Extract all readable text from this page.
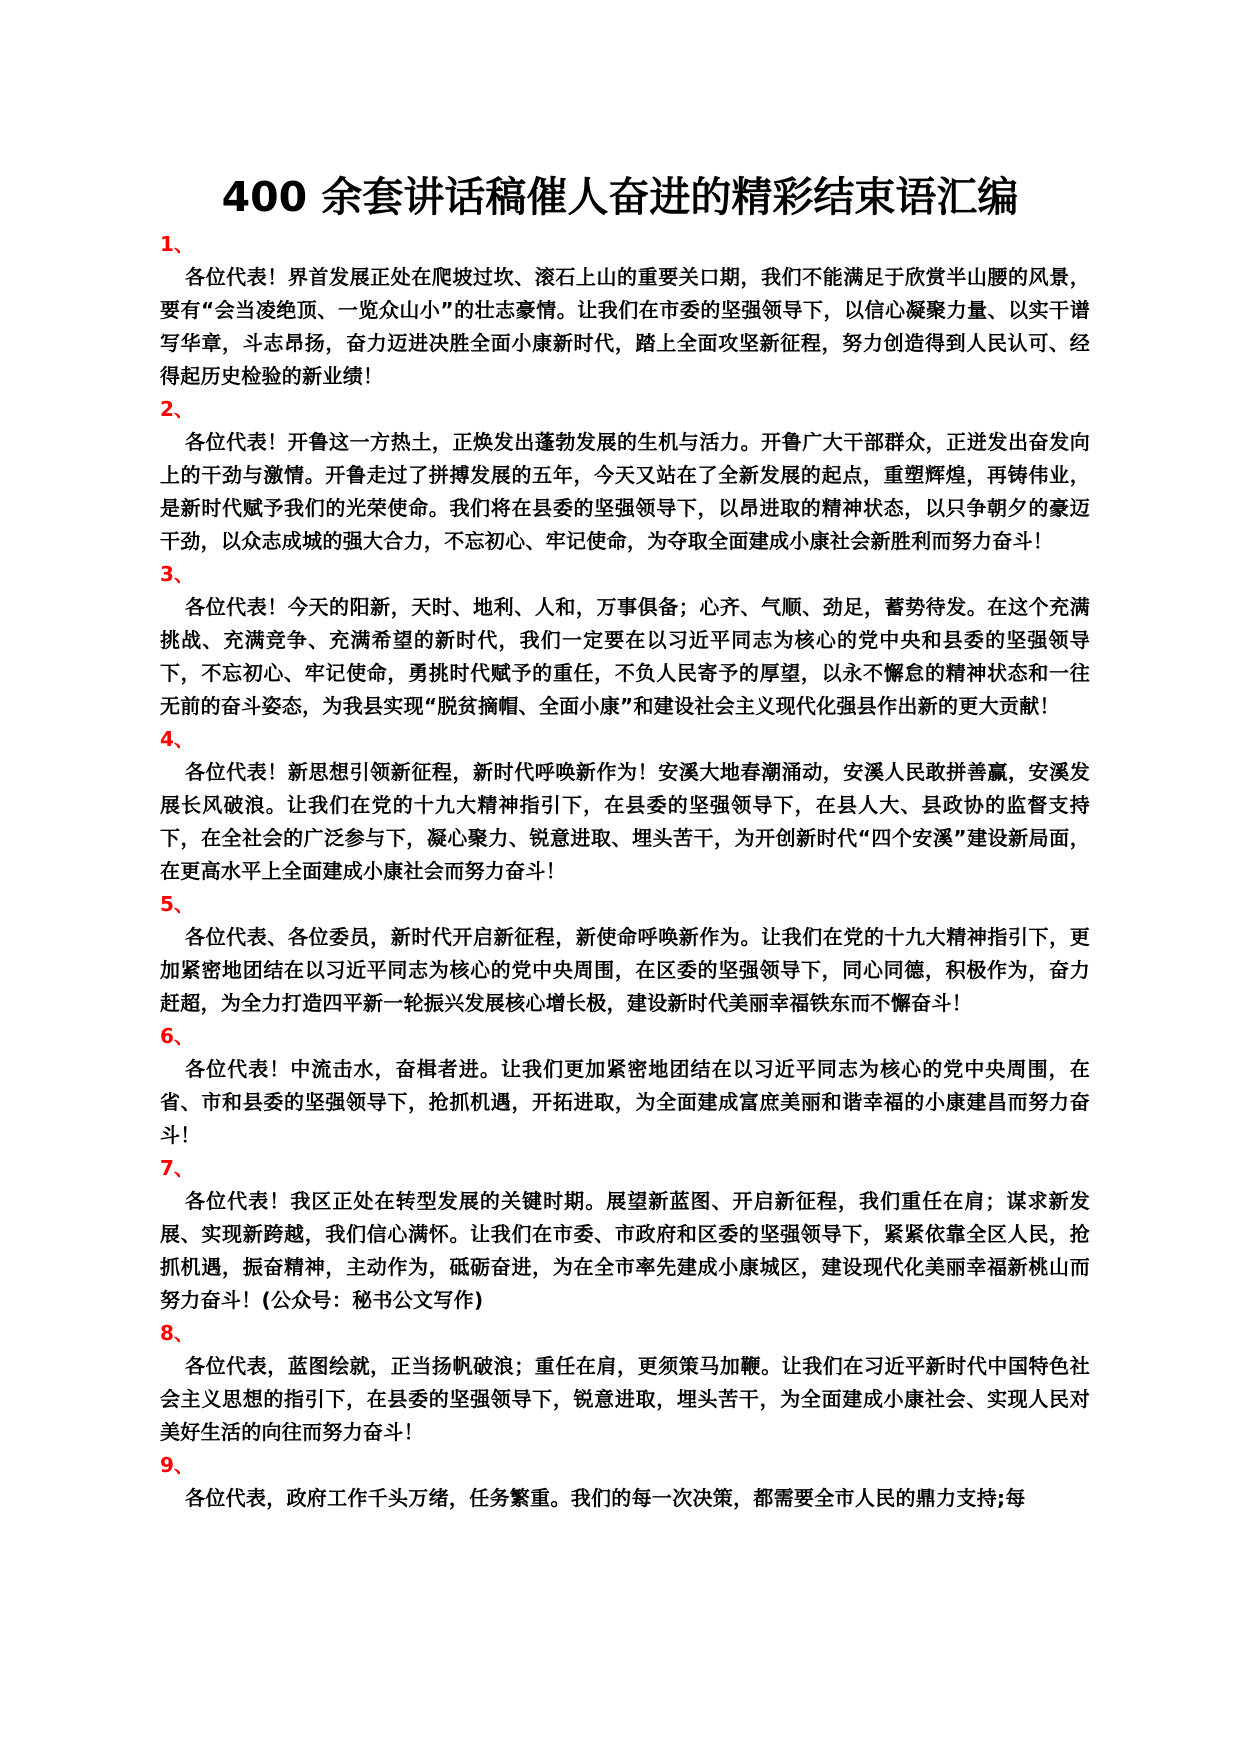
400 余套讲话稿催人奋进的精彩结束语汇编

1、

各位代表！界首发展正处在爬坡过坎、滚石上山的重要关口期，我们不能满足于欣赏半山腰的风景，要有“会当凌绝顶、一览众山小”的壮志豪情。让我们在市委的坚强领导下，以信心凝聚力量、以实干谱写华章，斗志昂扬，奋力迈进决胜全面小康新时代，踏上全面攻坚新征程，努力创造得到人民认可、经得起历史检验的新业绩！

2、

各位代表！开鲁这一方热土，正焕发出蓬勃发展的生机与活力。开鲁广大干部群众，正迸发出奋发向上的干劲与激情。开鲁走过了拼搏发展的五年，今天又站在了全新发展的起点，重塑辉煌，再铸伟业，是新时代赋予我们的光荣使命。我们将在县委的坚强领导下，以昂进取的精神状态，以只争朝夕的豪迈干劲，以众志成城的强大合力，不忘初心、牢记使命，为夺取全面建成小康社会新胜利而努力奋斗！

3、

各位代表！今天的阳新，天时、地利、人和，万事俱备；心齐、气顺、劲足，蓄势待发。在这个充满挑战、充满竞争、充满希望的新时代，我们一定要在以习近平同志为核心的党中央和县委的坚强领导下，不忘初心、牢记使命，勇挑时代赋予的重任，不负人民寄予的厚望，以永不懈怠的精神状态和一往无前的奋斗姿态，为我县实现“脱贫摘帽、全面小康”和建设社会主义现代化强县作出新的更大贡献！

4、

各位代表！新思想引领新征程，新时代呼唤新作为！安溪大地春潮涌动，安溪人民敢拼善赢，安溪发展长风破浪。让我们在党的十九大精神指引下，在县委的坚强领导下，在县人大、县政协的监督支持下，在全社会的广泛参与下，凝心聚力、锐意进取、埋头苦干，为开创新时代“四个安溪”建设新局面，在更高水平上全面建成小康社会而努力奋斗！

5、

各位代表、各位委员，新时代开启新征程，新使命呼唤新作为。让我们在党的十九大精神指引下，更加紧密地团结在以习近平同志为核心的党中央周围，在区委的坚强领导下，同心同德，积极作为，奋力赶超，为全力打造四平新一轮振兴发展核心增长极，建设新时代美丽幸福铁东而不懈奋斗！

6、

各位代表！中流击水，奋楫者进。让我们更加紧密地团结在以习近平同志为核心的党中央周围，在省、市和县委的坚强领导下，抢抓机遇，开拓进取，为全面建成富庶美丽和谐幸福的小康建昌而努力奋斗！

7、

各位代表！我区正处在转型发展的关键时期。展望新蓝图、开启新征程，我们重任在肩；谋求新发展、实现新跨越，我们信心满怀。让我们在市委、市政府和区委的坚强领导下，紧紧依靠全区人民，抢抓机遇，振奋精神，主动作为，砥砺奋进，为在全市率先建成小康城区，建设现代化美丽幸福新桃山而努力奋斗！(公众号：秘书公文写作)

8、

各位代表，蓝图绘就，正当扬帆破浪；重任在肩，更须策马加鞭。让我们在习近平新时代中国特色社会主义思想的指引下，在县委的坚强领导下，锐意进取，埋头苦干，为全面建成小康社会、实现人民对美好生活的向往而努力奋斗！

9、

各位代表，政府工作千头万绪，任务繁重。我们的每一次决策，都需要全市人民的鼎力支持;每
